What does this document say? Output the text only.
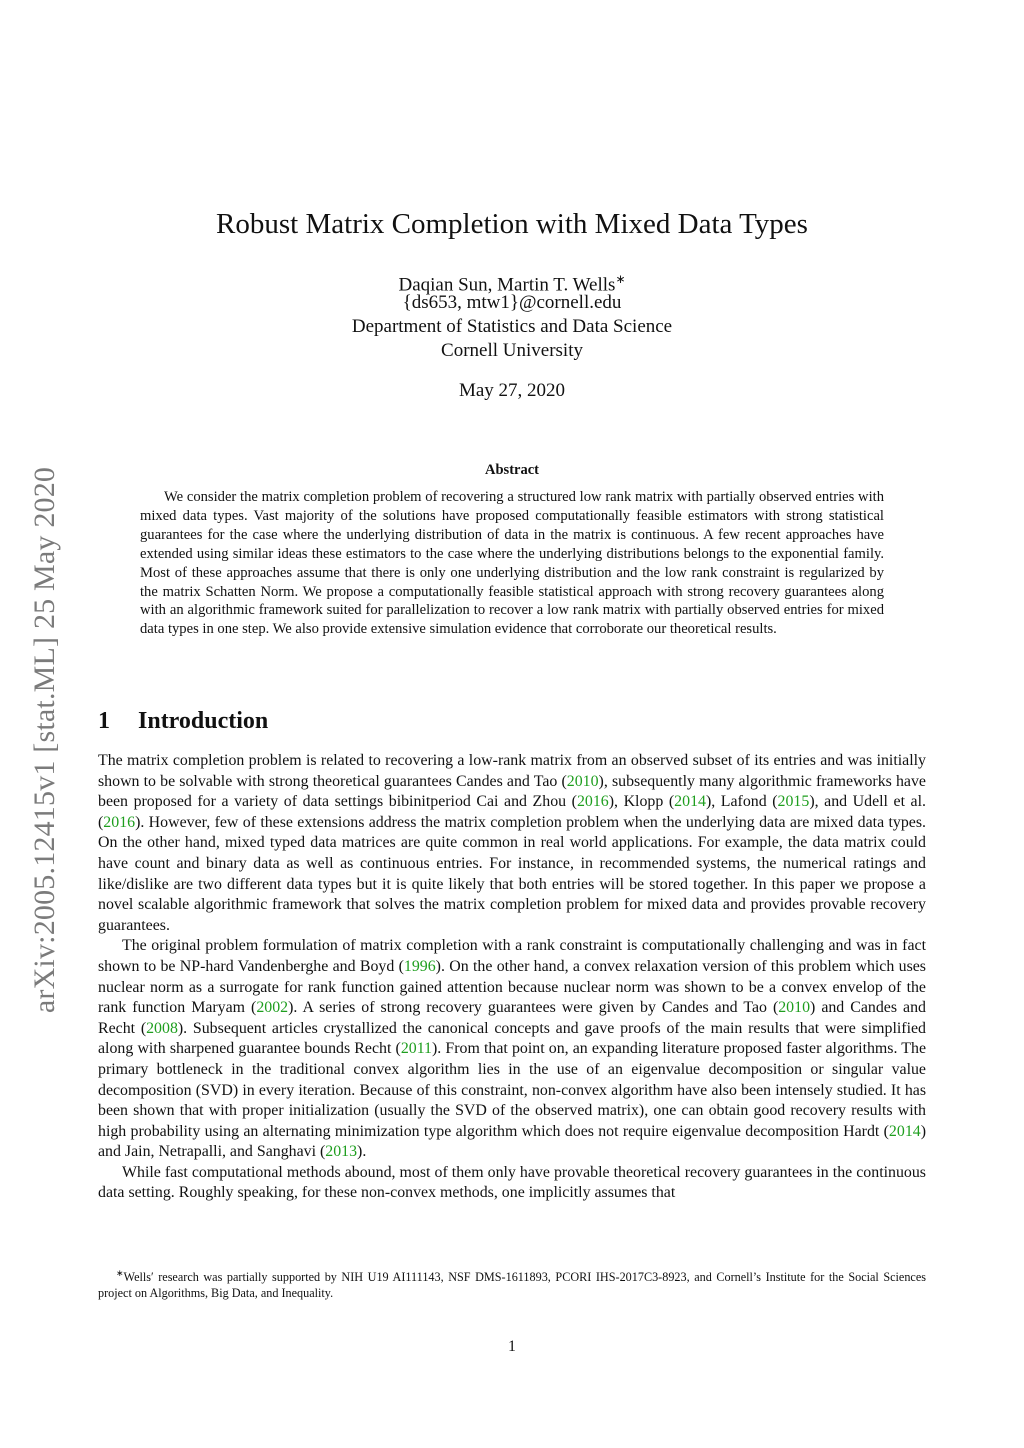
arXiv:2005.12415v1 [stat.ML] 25 May 2020
Robust Matrix Completion with Mixed Data Types
Daqian Sun, Martin T. Wells∗
{ds653, mtw1}@cornell.edu
Department of Statistics and Data Science
Cornell University
May 27, 2020
Abstract

We consider the matrix completion problem of recovering a structured low rank matrix with partially observed entries with mixed data types. Vast majority of the solutions have proposed computationally feasible estimators with strong statistical guarantees for the case where the underlying distribution of data in the matrix is continuous. A few recent approaches have extended using similar ideas these estimators to the case where the underlying distributions belongs to the exponential family. Most of these approaches assume that there is only one underlying distribution and the low rank constraint is regularized by the matrix Schatten Norm. We propose a computationally feasible statistical approach with strong recovery guarantees along with an algorithmic framework suited for parallelization to recover a low rank matrix with partially observed entries for mixed data types in one step. We also provide extensive simulation evidence that corroborate our theoretical results.

1 Introduction

The matrix completion problem is related to recovering a low-rank matrix from an observed subset of its entries and was initially shown to be solvable with strong theoretical guarantees Candes and Tao (2010), subsequently many algorithmic frameworks have been proposed for a variety of data settings bibinitperiod Cai and Zhou (2016), Klopp (2014), Lafond (2015), and Udell et al. (2016). However, few of these extensions address the matrix completion problem when the underlying data are mixed data types. On the other hand, mixed typed data matrices are quite common in real world applications. For example, the data matrix could have count and binary data as well as continuous entries. For instance, in recommended systems, the numerical ratings and like/dislike are two different data types but it is quite likely that both entries will be stored together. In this paper we propose a novel scalable algorithmic framework that solves the matrix completion problem for mixed data and provides provable recovery guarantees.

The original problem formulation of matrix completion with a rank constraint is computationally challenging and was in fact shown to be NP-hard Vandenberghe and Boyd (1996). On the other hand, a convex relaxation version of this problem which uses nuclear norm as a surrogate for rank function gained attention because nuclear norm was shown to be a convex envelop of the rank function Maryam (2002). A series of strong recovery guarantees were given by Candes and Tao (2010) and Candes and Recht (2008). Subsequent articles crystallized the canonical concepts and gave proofs of the main results that were simplified along with sharpened guarantee bounds Recht (2011). From that point on, an expanding literature proposed faster algorithms. The primary bottleneck in the traditional convex algorithm lies in the use of an eigenvalue decomposition or singular value decomposition (SVD) in every iteration. Because of this constraint, non-convex algorithm have also been intensely studied. It has been shown that with proper initialization (usually the SVD of the observed matrix), one can obtain good recovery results with high probability using an alternating minimization type algorithm which does not require eigenvalue decomposition Hardt (2014) and Jain, Netrapalli, and Sanghavi (2013).

While fast computational methods abound, most of them only have provable theoretical recovery guarantees in the continuous data setting. Roughly speaking, for these non-convex methods, one implicitly assumes that

∗Wells′ research was partially supported by NIH U19 AI111143, NSF DMS-1611893, PCORI IHS-2017C3-8923, and Cornell’s Institute for the Social Sciences project on Algorithms, Big Data, and Inequality.

1
